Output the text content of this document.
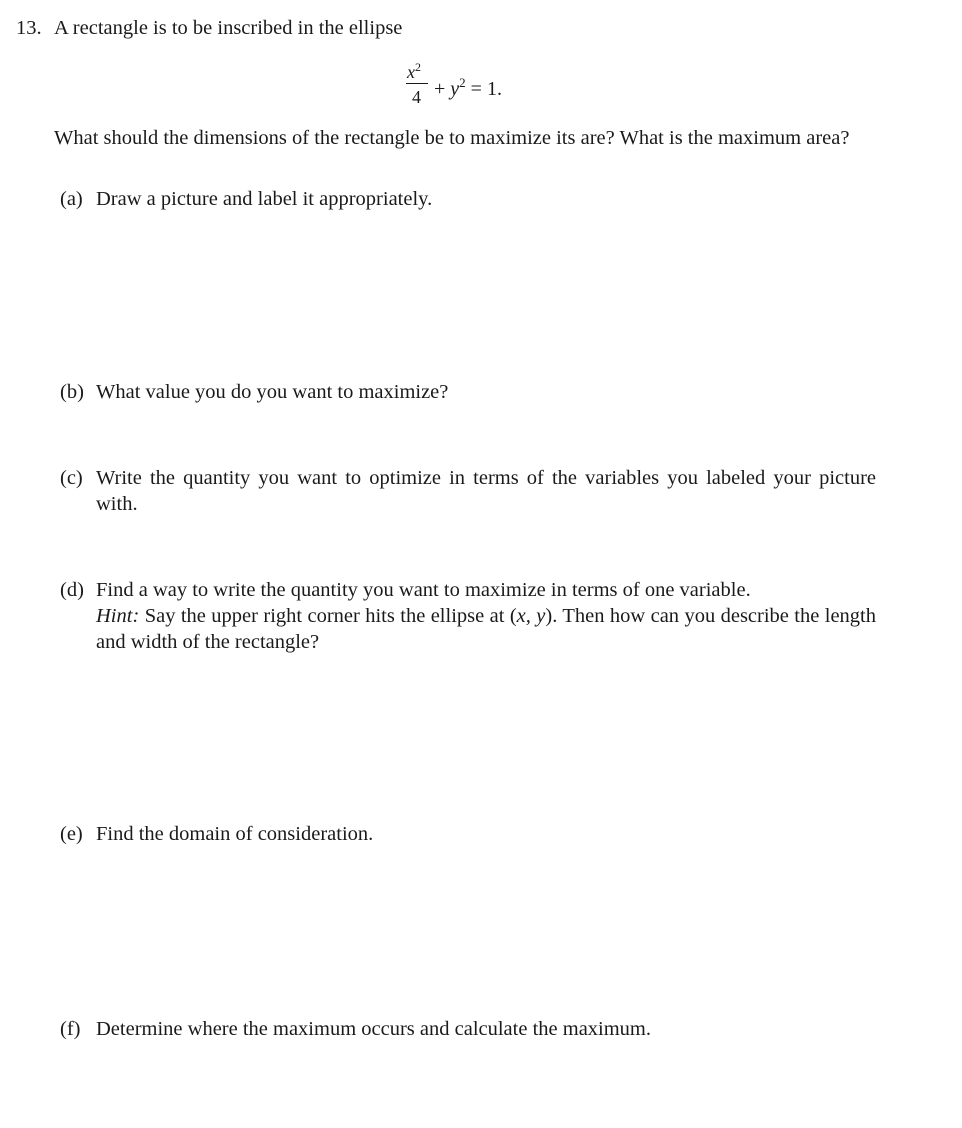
13. A rectangle is to be inscribed in the ellipse
$x^2$
$4 + y^2 = 1$.
What should the dimensions of the rectangle be to maximize its are? What is the maximum area?
(a) Draw a picture and label it appropriately.
(b) What value you do you want to maximize?
(c) Write the quantity you want to optimize in terms of the variables you labeled your picture with.
(d) Find a way to write the quantity you want to maximize in terms of one variable.
Hint: Say the upper right corner hits the ellipse at (x, y). Then how can you describe the length and width of the rectangle?
(e) Find the domain of consideration.
(f) Determine where the maximum occurs and calculate the maximum.
